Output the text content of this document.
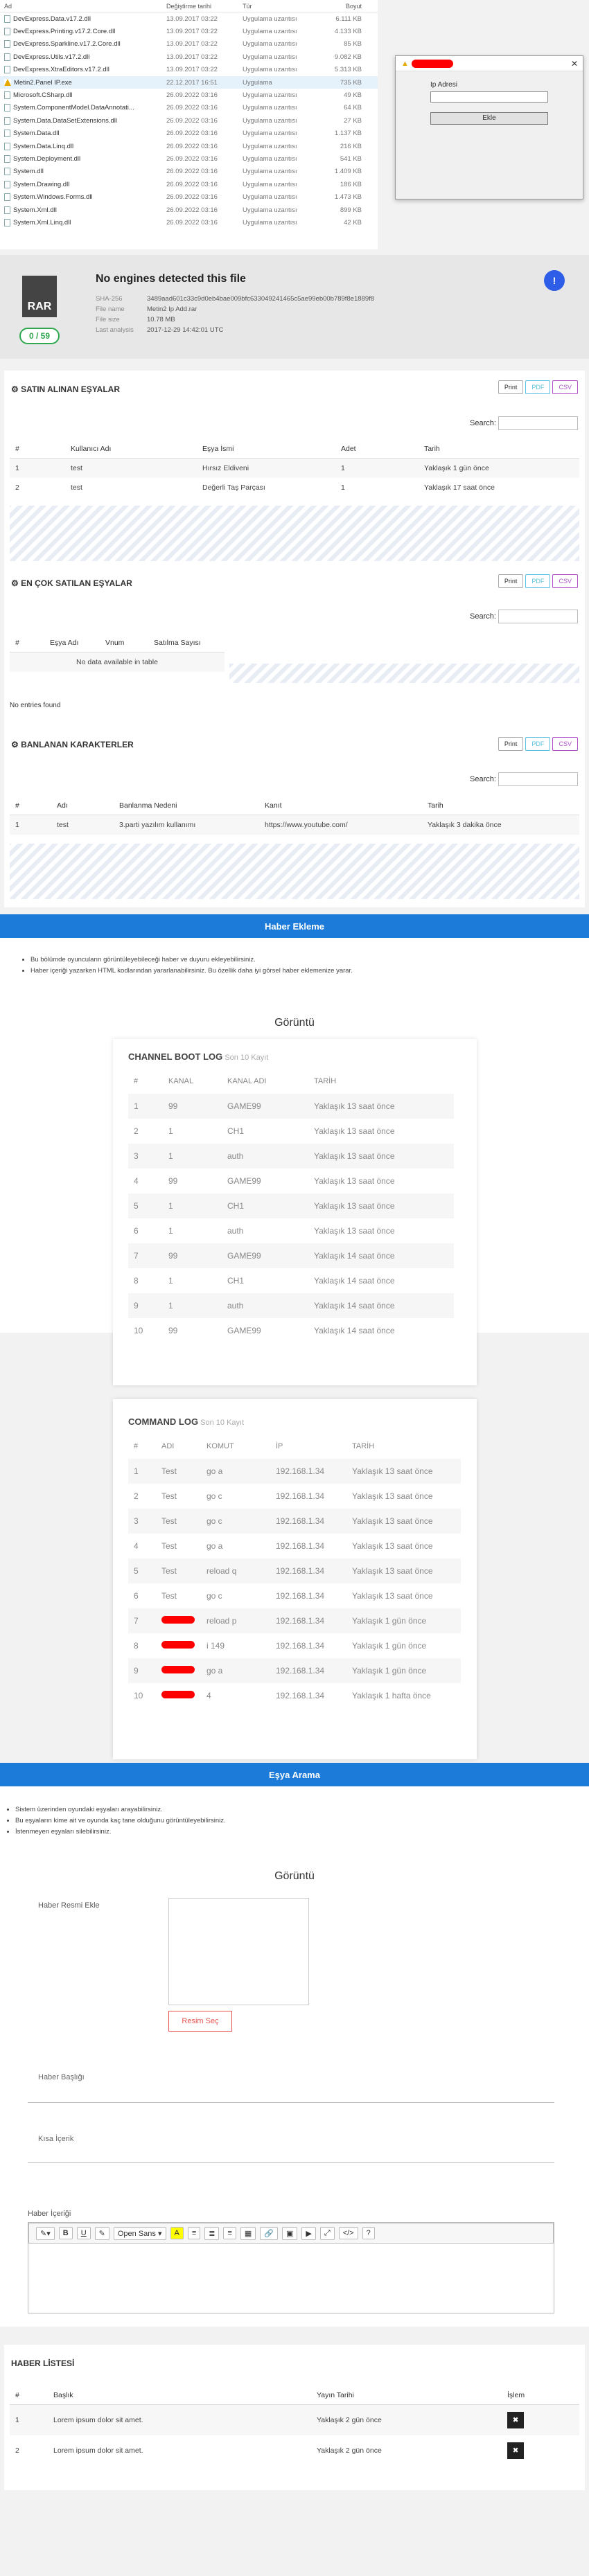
Ad	Değiştirme tarihi	Tür	Boyut
DevExpress.Data.v17.2.dll	13.09.2017 03:22	Uygulama uzantısı	6.111 KB
DevExpress.Printing.v17.2.Core.dll	13.09.2017 03:22	Uygulama uzantısı	4.133 KB
DevExpress.Sparkline.v17.2.Core.dll	13.09.2017 03:22	Uygulama uzantısı	85 KB
DevExpress.Utils.v17.2.dll	13.09.2017 03:22	Uygulama uzantısı	9.082 KB
DevExpress.XtraEditors.v17.2.dll	13.09.2017 03:22	Uygulama uzantısı	5.313 KB
Metin2.Panel IP.exe	22.12.2017 16:51	Uygulama	735 KB
Microsoft.CSharp.dll	26.09.2022 03:16	Uygulama uzantısı	49 KB
System.ComponentModel.DataAnnotati...	26.09.2022 03:16	Uygulama uzantısı	64 KB
System.Data.DataSetExtensions.dll	26.09.2022 03:16	Uygulama uzantısı	27 KB
System.Data.dll	26.09.2022 03:16	Uygulama uzantısı	1.137 KB
System.Data.Linq.dll	26.09.2022 03:16	Uygulama uzantısı	216 KB
System.Deployment.dll	26.09.2022 03:16	Uygulama uzantısı	541 KB
System.dll	26.09.2022 03:16	Uygulama uzantısı	1.409 KB
System.Drawing.dll	26.09.2022 03:16	Uygulama uzantısı	186 KB
System.Windows.Forms.dll	26.09.2022 03:16	Uygulama uzantısı	1.473 KB
System.Xml.dll	26.09.2022 03:16	Uygulama uzantısı	899 KB
System.Xml.Linq.dll	26.09.2022 03:16	Uygulama uzantısı	42 KB
▲	✕
Ip Adresi
Ekle
RAR
0 / 59
No engines detected this file
SHA-256	3489aad601c33c9d0eb4bae009bfc633049241465c5ae99eb00b789f8e1889f8
File name	Metin2 Ip Add.rar
File size	10.78 MB
Last analysis 2017-12-29 14:42:01 UTC
!
⚙ SATIN ALINAN EŞYALAR	Print PDF CSV
Search:
#	Kullanıcı Adı	Eşya İsmi	Adet	Tarih
1	test	Hırsız Eldiveni	1	Yaklaşık 1 gün önce
2	test	Değerli Taş Parçası	1	Yaklaşık 17 saat önce
⚙ EN ÇOK SATILAN EŞYALAR	Print PDF CSV
Search:
#	Eşya Adı	Vnum	Satılma Sayısı
No data available in table
No entries found
⚙ BANLANAN KARAKTERLER	Print PDF CSV
Search:
#	Adı	Banlanma Nedeni	Kanıt	Tarih
1	test	3.parti yazılım kullanımı	https://www.youtube.com/	Yaklaşık 3 dakika önce
Haber Ekleme
• Bu bölümde oyuncuların görüntüleyebileceği haber ve duyuru ekleyebilirsiniz.
• Haber içeriği yazarken HTML kodlarından yararlanabilirsiniz. Bu özellik daha iyi görsel haber eklemenize yarar.
Görüntü
CHANNEL BOOT LOG Son 10 Kayıt
#	KANAL	KANAL ADI	TARİH
1	99	GAME99	Yaklaşık 13 saat önce
2	1	CH1	Yaklaşık 13 saat önce
3	1	auth	Yaklaşık 13 saat önce
4	99	GAME99	Yaklaşık 13 saat önce
5	1	CH1	Yaklaşık 13 saat önce
6	1	auth	Yaklaşık 13 saat önce
7	99	GAME99	Yaklaşık 14 saat önce
8	1	CH1	Yaklaşık 14 saat önce
9	1	auth	Yaklaşık 14 saat önce
10	99	GAME99	Yaklaşık 14 saat önce
COMMAND LOG Son 10 Kayıt
#	ADI	KOMUT	İP	TARİH
1	Test	go a	192.168.1.34	Yaklaşık 13 saat önce
2	Test	go c	192.168.1.34	Yaklaşık 13 saat önce
3	Test	go c	192.168.1.34	Yaklaşık 13 saat önce
4	Test	go a	192.168.1.34	Yaklaşık 13 saat önce
5	Test	reload q	192.168.1.34	Yaklaşık 13 saat önce
6	Test	go c	192.168.1.34	Yaklaşık 13 saat önce
7		reload p	192.168.1.34	Yaklaşık 1 gün önce
8		i 149	192.168.1.34	Yaklaşık 1 gün önce
9		go a	192.168.1.34	Yaklaşık 1 gün önce
10		4	192.168.1.34	Yaklaşık 1 hafta önce
Eşya Arama
• Sistem üzerinden oyundaki eşyaları arayabilirsiniz.
• Bu eşyaların kime ait ve oyunda kaç tane olduğunu görüntüleyebilirsiniz.
• İstenmeyen eşyaları silebilirsiniz.
Görüntü
Haber Resmi Ekle
Resim Seç
Haber Başlığı
Kısa İçerik
Haber İçeriği
✎▾	B	U	✎	Open Sans ▾	A	≡	≣	≡	▦	🔗	▣	▶	⤢	</>	?
HABER LİSTESİ
#	Başlık	Yayın Tarihi	İşlem
1	Lorem ipsum dolor sit amet.	Yaklaşık 2 gün önce	✖
2	Lorem ipsum dolor sit amet.	Yaklaşık 2 gün önce	✖
